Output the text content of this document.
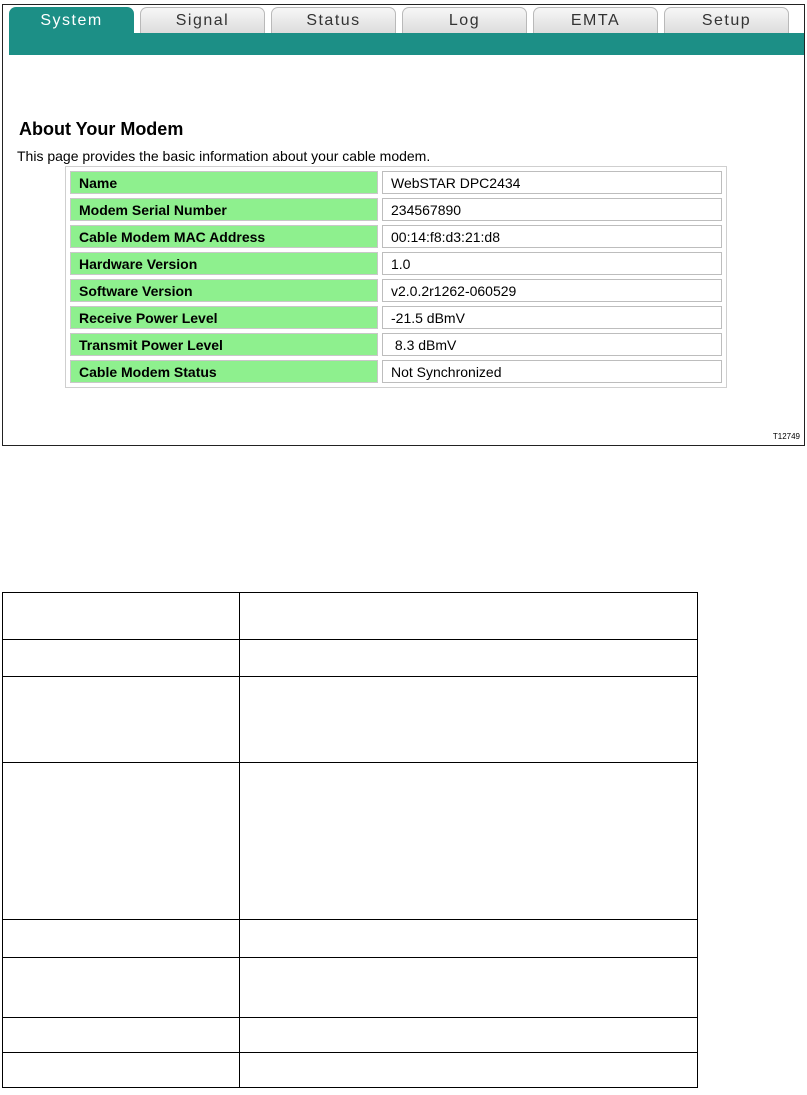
System	Signal	Status	Log	EMTA	Setup
About Your Modem

This page provides the basic information about your cable modem.

Name	WebSTAR DPC2434
Modem Serial Number	234567890
Cable Modem MAC Address	00:14:f8:d3:21:d8
Hardware Version	1.0
Software Version	v2.0.2r1262-060529
Receive Power Level	-21.5 dBmV
Transmit Power Level	8.3 dBmV
Cable Modem Status	Not Synchronized
T12749
